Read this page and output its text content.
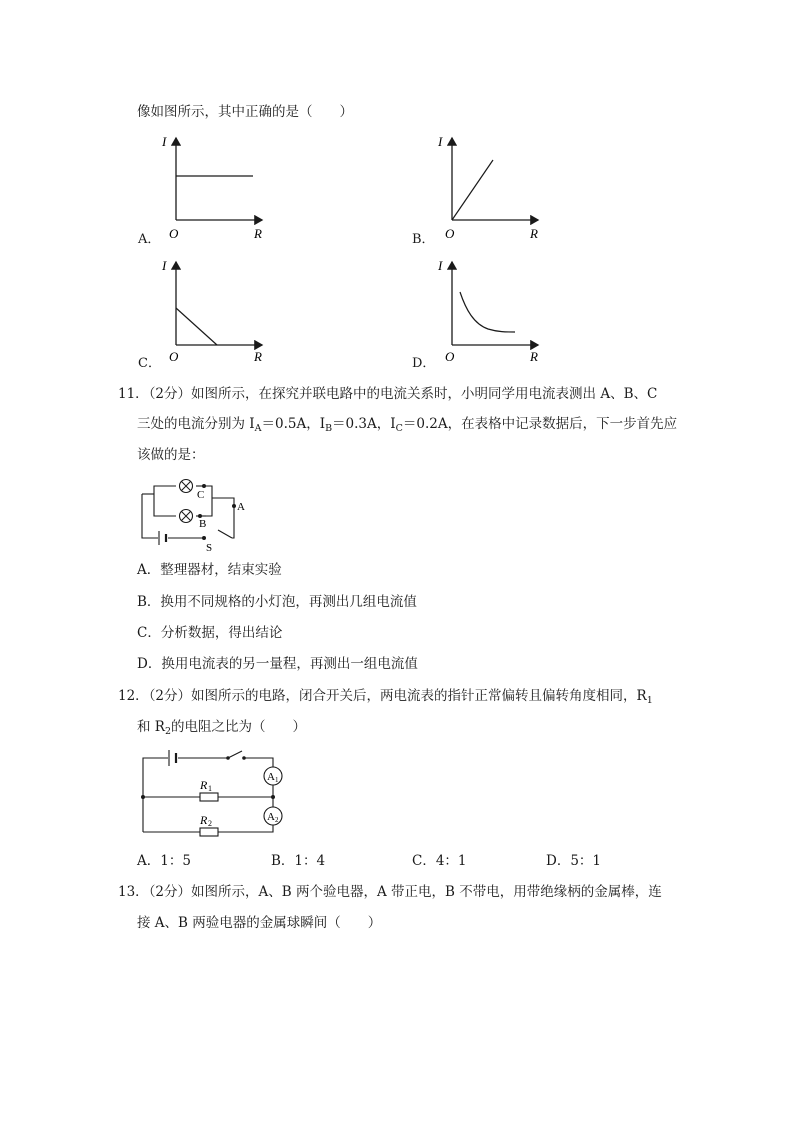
像如图所示，其中正确的是（　　）
I
O	R
A．
I
O	R
B．
I
O	R
C．
I
O	R
D．
11．（2分）如图所示，在探究并联电路中的电流关系时，小明同学用电流表测出 A、B、C
三处的电流分别为 $I_A=0.5A$，$I_B=0.3A$，$I_C=0.2A$，在表格中记录数据后，下一步首先应
该做的是：
C
B
A
S
A．整理器材，结束实验
B．换用不同规格的小灯泡，再测出几组电流值
C．分析数据，得出结论
D．换用电流表的另一量程，再测出一组电流值
12．（2分）如图所示的电路，闭合开关后，两电流表的指针正常偏转且偏转角度相同，$R_1$
和 $R_2$的电阻之比为（　　）
A 1
A 2
R 1
R 2
A．1：5	B．1：4	C．4：1	D．5：1
13．（2分）如图所示，A、B 两个验电器，A 带正电，B 不带电，用带绝缘柄的金属棒，连
接 A、B 两验电器的金属球瞬间（　　）
